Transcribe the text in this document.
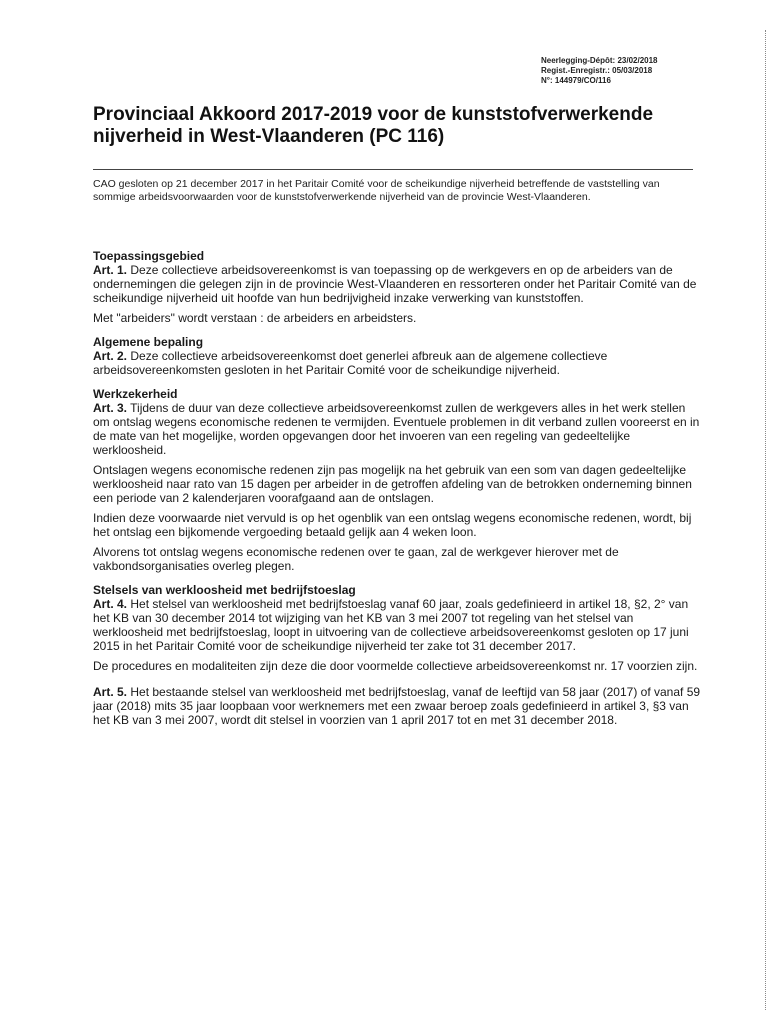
Neerlegging-Dépôt: 23/02/2018
Regist.-Enregistr.: 05/03/2018
N°: 144979/CO/116
Provinciaal Akkoord 2017-2019 voor de kunststofverwerkende nijverheid in West-Vlaanderen (PC 116)

CAO gesloten op 21 december 2017 in het Paritair Comité voor de scheikundige nijverheid betreffende de vaststelling van sommige arbeidsvoorwaarden voor de kunststofverwerkende nijverheid van de provincie West-Vlaanderen.

Toepassingsgebied

Art. 1. Deze collectieve arbeidsovereenkomst is van toepassing op de werkgevers en op de arbeiders van de ondernemingen die gelegen zijn in de provincie West-Vlaanderen en ressorteren onder het Paritair Comité van de scheikundige nijverheid uit hoofde van hun bedrijvigheid inzake verwerking van kunststoffen.

Met "arbeiders" wordt verstaan : de arbeiders en arbeidsters.

Algemene bepaling

Art. 2. Deze collectieve arbeidsovereenkomst doet generlei afbreuk aan de algemene collectieve arbeidsovereenkomsten gesloten in het Paritair Comité voor de scheikundige nijverheid.

Werkzekerheid

Art. 3. Tijdens de duur van deze collectieve arbeidsovereenkomst zullen de werkgevers alles in het werk stellen om ontslag wegens economische redenen te vermijden. Eventuele problemen in dit verband zullen vooreerst en in de mate van het mogelijke, worden opgevangen door het invoeren van een regeling van gedeeltelijke werkloosheid.

Ontslagen wegens economische redenen zijn pas mogelijk na het gebruik van een som van dagen gedeeltelijke werkloosheid naar rato van 15 dagen per arbeider in de getroffen afdeling van de betrokken onderneming binnen een periode van 2 kalenderjaren voorafgaand aan de ontslagen.

Indien deze voorwaarde niet vervuld is op het ogenblik van een ontslag wegens economische redenen, wordt, bij het ontslag een bijkomende vergoeding betaald gelijk aan 4 weken loon.

Alvorens tot ontslag wegens economische redenen over te gaan, zal de werkgever hierover met de vakbondsorganisaties overleg plegen.

Stelsels van werkloosheid met bedrijfstoeslag

Art. 4. Het stelsel van werkloosheid met bedrijfstoeslag vanaf 60 jaar, zoals gedefinieerd in artikel 18, §2, 2° van het KB van 30 december 2014 tot wijziging van het KB van 3 mei 2007 tot regeling van het stelsel van werkloosheid met bedrijfstoeslag, loopt in uitvoering van de collectieve arbeidsovereenkomst gesloten op 17 juni 2015 in het Paritair Comité voor de scheikundige nijverheid ter zake tot 31 december 2017.

De procedures en modaliteiten zijn deze die door voormelde collectieve arbeidsovereenkomst nr. 17 voorzien zijn.

Art. 5. Het bestaande stelsel van werkloosheid met bedrijfstoeslag, vanaf de leeftijd van 58 jaar (2017) of vanaf 59 jaar (2018) mits 35 jaar loopbaan voor werknemers met een zwaar beroep zoals gedefinieerd in artikel 3, §3 van het KB van 3 mei 2007, wordt dit stelsel in voorzien van 1 april 2017 tot en met 31 december 2018.
